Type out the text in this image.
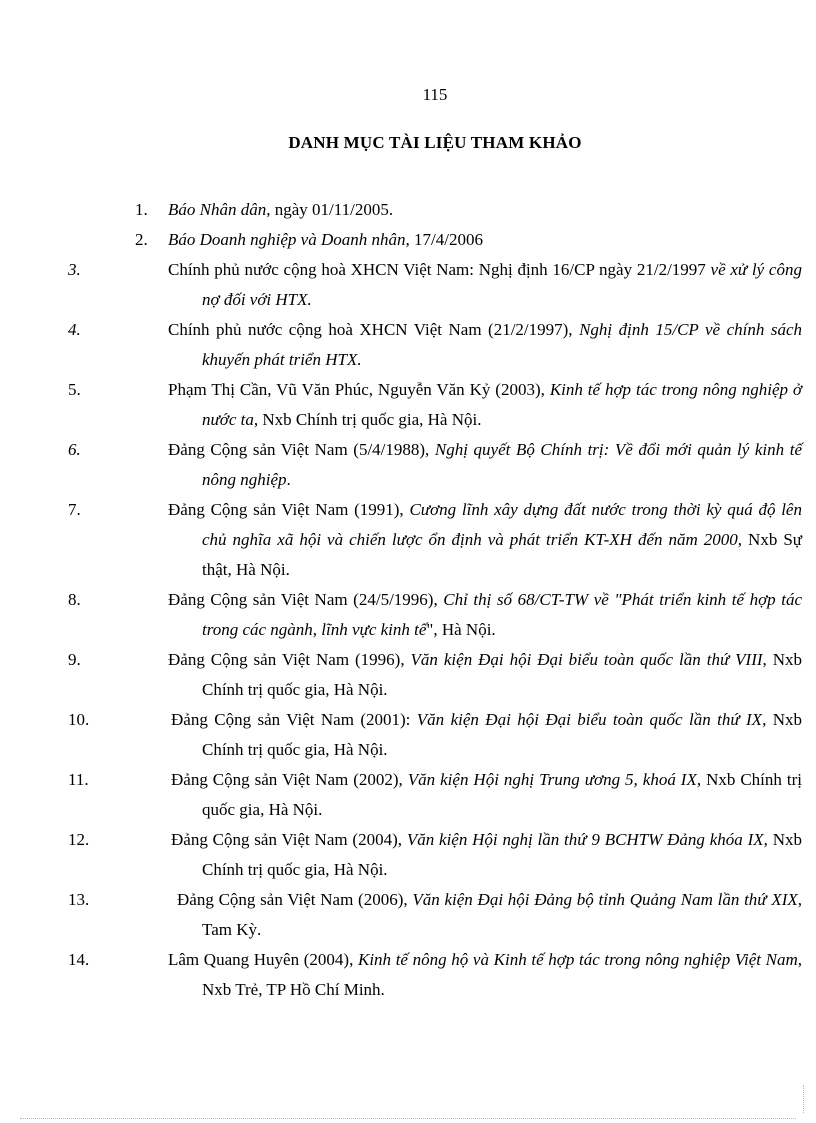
115
DANH MỤC TÀI LIỆU THAM KHẢO
1. Báo Nhân dân, ngày 01/11/2005.
2. Báo Doanh nghiệp và Doanh nhân, 17/4/2006
3.	Chính phủ nước cộng hoà XHCN Việt Nam: Nghị định 16/CP ngày 21/2/1997 về xử lý công nợ đối với HTX.
4.	Chính phủ nước cộng hoà XHCN Việt Nam (21/2/1997), Nghị định 15/CP về chính sách khuyến phát triển HTX.
5.	Phạm Thị Cần, Vũ Văn Phúc, Nguyễn Văn Kỷ (2003), Kinh tế hợp tác trong nông nghiệp ở nước ta, Nxb Chính trị quốc gia, Hà Nội.
6.	Đảng Cộng sản Việt Nam (5/4/1988), Nghị quyết Bộ Chính trị: Về đổi mới quản lý kinh tế nông nghiệp.
7.	Đảng Cộng sản Việt Nam (1991), Cương lĩnh xây dựng đất nước trong thời kỳ quá độ lên chủ nghĩa xã hội và chiến lược ổn định và phát triển KT-XH đến năm 2000, Nxb Sự thật, Hà Nội.
8.	Đảng Cộng sản Việt Nam (24/5/1996), Chỉ thị số 68/CT-TW về "Phát triển kinh tế hợp tác trong các ngành, lĩnh vực kinh tế", Hà Nội.
9.	Đảng Cộng sản Việt Nam (1996), Văn kiện Đại hội Đại biểu toàn quốc lần thứ VIII, Nxb Chính trị quốc gia, Hà Nội.
10.	Đảng Cộng sản Việt Nam (2001): Văn kiện Đại hội Đại biểu toàn quốc lần thứ IX, Nxb Chính trị quốc gia, Hà Nội.
11.	Đảng Cộng sản Việt Nam (2002), Văn kiện Hội nghị Trung ương 5, khoá IX, Nxb Chính trị quốc gia, Hà Nội.
12.	Đảng Cộng sản Việt Nam (2004), Văn kiện Hội nghị lần thứ 9 BCHTW Đảng khóa IX, Nxb Chính trị quốc gia, Hà Nội.
13.	Đảng Cộng sản Việt Nam (2006), Văn kiện Đại hội Đảng bộ tỉnh Quảng Nam lần thứ XIX, Tam Kỳ.
14.	Lâm Quang Huyên (2004), Kinh tế nông hộ và Kinh tế hợp tác trong nông nghiệp Việt Nam, Nxb Trẻ, TP Hồ Chí Minh.
